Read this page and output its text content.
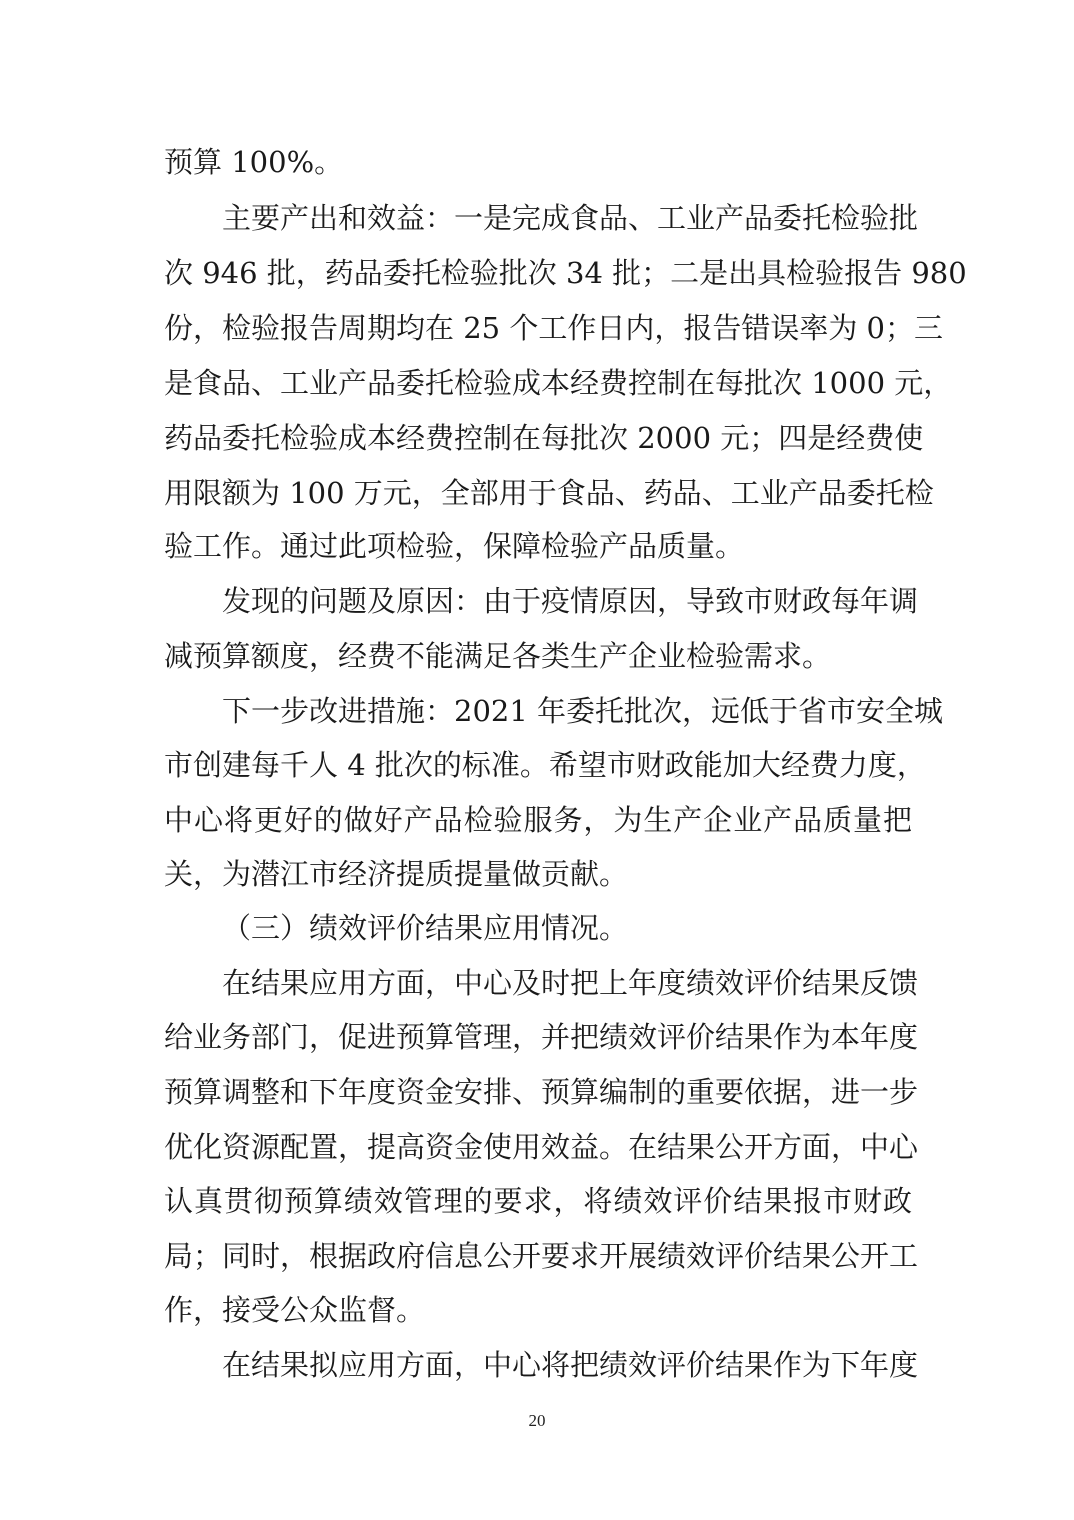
预算 100%。
主要产出和效益：一是完成食品、工业产品委托检验批
次 946 批，药品委托检验批次 34 批；二是出具检验报告 980
份，检验报告周期均在 25 个工作日内，报告错误率为 0；三
是食品、工业产品委托检验成本经费控制在每批次 1000 元，
药品委托检验成本经费控制在每批次 2000 元；四是经费使
用限额为 100 万元，全部用于食品、药品、工业产品委托检
验工作。通过此项检验，保障检验产品质量。
发现的问题及原因：由于疫情原因，导致市财政每年调
减预算额度，经费不能满足各类生产企业检验需求。
下一步改进措施：2021 年委托批次，远低于省市安全城
市创建每千人 4 批次的标准。希望市财政能加大经费力度，
中心将更好的做好产品检验服务，为生产企业产品质量把
关，为潜江市经济提质提量做贡献。
（三）绩效评价结果应用情况。
在结果应用方面，中心及时把上年度绩效评价结果反馈
给业务部门，促进预算管理，并把绩效评价结果作为本年度
预算调整和下年度资金安排、预算编制的重要依据，进一步
优化资源配置，提高资金使用效益。在结果公开方面，中心
认真贯彻预算绩效管理的要求，将绩效评价结果报市财政
局；同时，根据政府信息公开要求开展绩效评价结果公开工
作，接受公众监督。
在结果拟应用方面，中心将把绩效评价结果作为下年度
20
